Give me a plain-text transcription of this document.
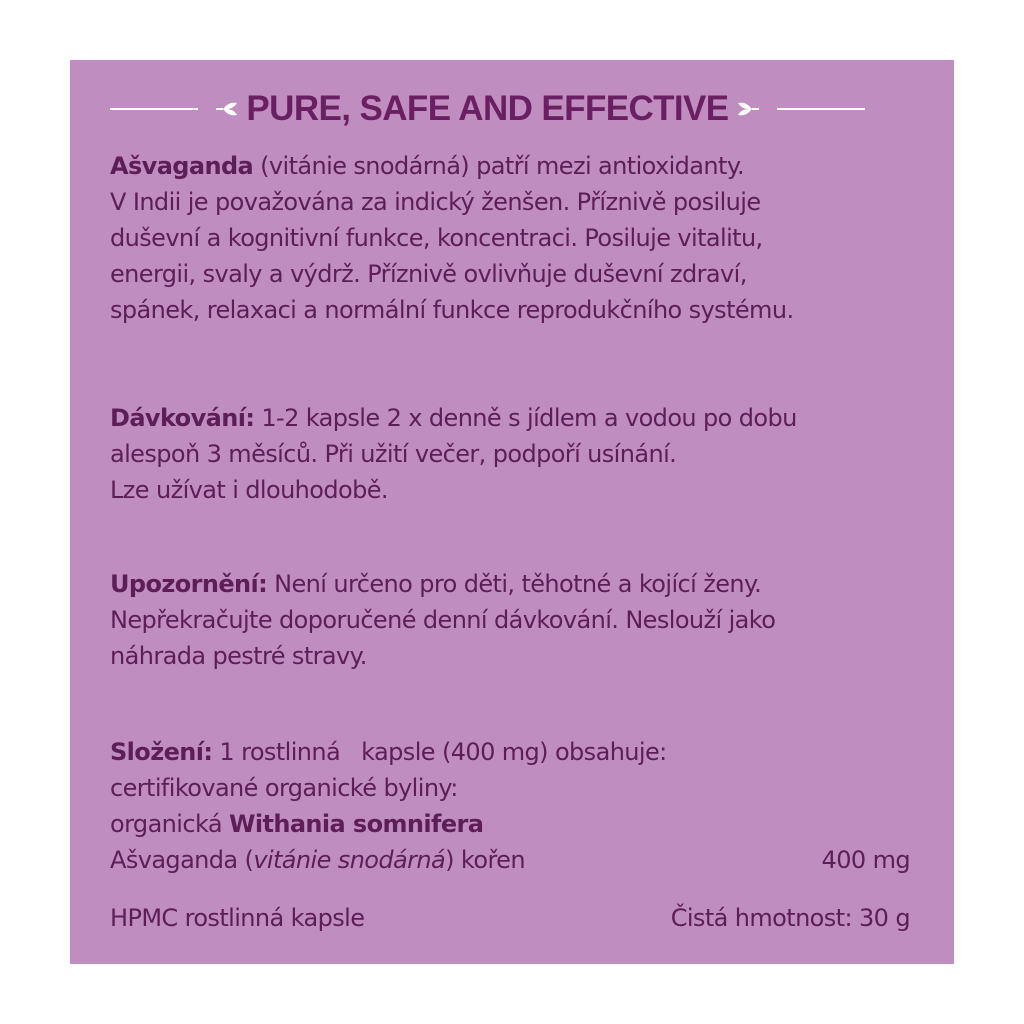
PURE, SAFE AND EFFECTIVE
Ašvaganda (vitánie snodárná) patří mezi antioxidanty.
V Indii je považována za indický ženšen. Příznivě posiluje
duševní a kognitivní funkce, koncentraci. Posiluje vitalitu,
energii, svaly a výdrž. Příznivě ovlivňuje duševní zdraví,
spánek, relaxaci a normální funkce reprodukčního systému.
Dávkování: 1-2 kapsle 2 x denně s jídlem a vodou po dobu
alespoň 3 měsíců. Při užití večer, podpoří usínání.
Lze užívat i dlouhodobě.
Upozornění: Není určeno pro děti, těhotné a kojící ženy.
Nepřekračujte doporučené denní dávkování. Neslouží jako
náhrada pestré stravy.
Složení: 1 rostlinná   kapsle (400 mg) obsahuje:
certifikované organické byliny:
organická Withania somnifera
Ašvaganda (vitánie snodárná) kořen	400 mg
HPMC rostlinná kapsle	Čistá hmotnost: 30 g
